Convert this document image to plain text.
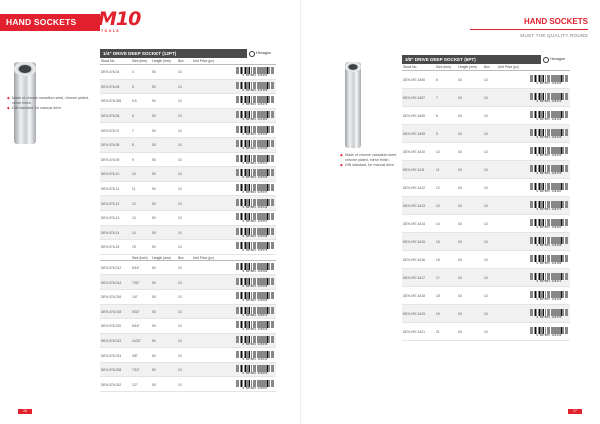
HAND SOCKETS	M10
TOOLS
HAND SOCKETS
MUST THE QUALITY ROUND
◆ Made of chrome vanadium steel, chrome plated, mirror finish
◆ DIN standard, for manual drive
1/4" DRIVE DEEP SOCKET (12PT)	Hexagon
Stock No.	Size (mm) Length (mm) Box	Unit Price (pc)
DEH-076-04	4	50	10
8 887804 123452
DEH-076-05	5	50	10
8 887804 123469
DEH-076-055	5.5	50	10
8 887804 123476
DEH-076-06	6	50	10
8 887804 123483
DEH-076-07	7	50	10
8 887804 123490
DEH-076-08	8	50	10
8 887804 123506
DEH-076-09	9	50	10
8 887804 123513
DEH-076-10	10	50	10
8 887804 123520
DEH-076-11	11	50	10
8 887804 123537
DEH-076-12	12	50	10
8 887804 123544
DEH-076-13	13	50	10
8 887804 123551
DEH-076-14	14	50	10
8 887804 123568
DEH-076-15	15	50	10
8 887804 123575
Size (inch) Length (mm) Box	Unit Price (pc)
DEH-076-012	5/16"	50	10
8 887804 123582
DEH-076-014	7/32"	50	10
8 887804 123599
DEH-076-016	1/4"	50	10
8 887804 123605
DEH-076-018	9/32"	50	10
8 887804 123612
DEH-076-020	5/16"	50	10
8 887804 123629
DEH-076-022	11/32"	50	10
8 887804 123636
DEH-076-024	3/8"	50	10
8 887804 123643
DEH-076-028	7/16"	50	10
8 887804 123650
DEH-076-032	1/2"	50	10
8 887804 123667
◆ Made of chrome vanadium steel, chrome plated, mirror finish
◆ DIN standard, for manual drive
3/8" DRIVE DEEP SOCKET (6PT)	Hexagon
Stock No.	Size (mm) Length (mm) Box	Unit Price (pc)
DEH-097-4406	6	63	10
8 887804 124205
DEH-097-4407	7	63	10
8 887804 124212
DEH-097-4408	8	63	10
8 887804 124229
DEH-097-4409	9	63	10
8 887804 124236
DEH-097-4410	10	63	10
8 887804 124243
DEH-097-4411	11	63	10
8 887804 124250
DEH-097-4412	12	63	10
8 887804 124267
DEH-097-4413	13	63	10
8 887804 124274
DEH-097-4414	14	63	10
8 887804 124281
DEH-097-4415	15	63	10
8 887804 124298
DEH-097-4416	16	63	10
8 887804 124304
DEH-097-4417	17	63	10
8 887804 124311
DEH-097-4418	18	63	10
8 887804 124328
DEH-097-4419	19	63	10
8 887804 124335
DEH-097-4421	21	63	10
8 887804 124342
26	27
